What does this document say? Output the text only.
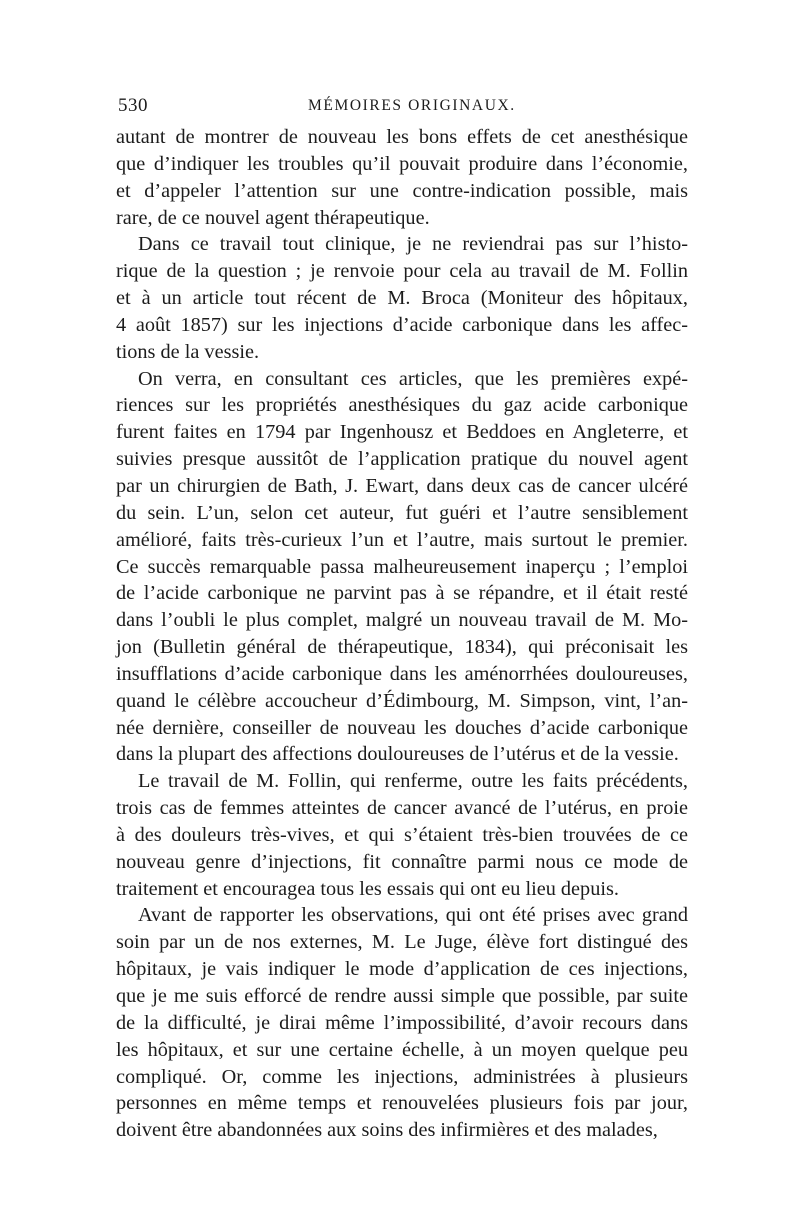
530	MÉMOIRES ORIGINAUX.
autant de montrer de nouveau les bons effets de cet anesthésique
que d’indiquer les troubles qu’il pouvait produire dans l’économie,
et d’appeler l’attention sur une contre-indication possible, mais
rare, de ce nouvel agent thérapeutique.
Dans ce travail tout clinique, je ne reviendrai pas sur l’histo-
rique de la question ; je renvoie pour cela au travail de M. Follin
et à un article tout récent de M. Broca (Moniteur des hôpitaux,
4 août 1857) sur les injections d’acide carbonique dans les affec-
tions de la vessie.
On verra, en consultant ces articles, que les premières expé-
riences sur les propriétés anesthésiques du gaz acide carbonique
furent faites en 1794 par Ingenhousz et Beddoes en Angleterre, et
suivies presque aussitôt de l’application pratique du nouvel agent
par un chirurgien de Bath, J. Ewart, dans deux cas de cancer ulcéré
du sein. L’un, selon cet auteur, fut guéri et l’autre sensiblement
amélioré, faits très-curieux l’un et l’autre, mais surtout le premier.
Ce succès remarquable passa malheureusement inaperçu ; l’emploi
de l’acide carbonique ne parvint pas à se répandre, et il était resté
dans l’oubli le plus complet, malgré un nouveau travail de M. Mo-
jon (Bulletin général de thérapeutique, 1834), qui préconisait les
insufflations d’acide carbonique dans les aménorrhées douloureuses,
quand le célèbre accoucheur d’Édimbourg, M. Simpson, vint, l’an-
née dernière, conseiller de nouveau les douches d’acide carbonique
dans la plupart des affections douloureuses de l’utérus et de la vessie.
Le travail de M. Follin, qui renferme, outre les faits précédents,
trois cas de femmes atteintes de cancer avancé de l’utérus, en proie
à des douleurs très-vives, et qui s’étaient très-bien trouvées de ce
nouveau genre d’injections, fit connaître parmi nous ce mode de
traitement et encouragea tous les essais qui ont eu lieu depuis.
Avant de rapporter les observations, qui ont été prises avec grand
soin par un de nos externes, M. Le Juge, élève fort distingué des
hôpitaux, je vais indiquer le mode d’application de ces injections,
que je me suis efforcé de rendre aussi simple que possible, par suite
de la difficulté, je dirai même l’impossibilité, d’avoir recours dans
les hôpitaux, et sur une certaine échelle, à un moyen quelque peu
compliqué. Or, comme les injections, administrées à plusieurs
personnes en même temps et renouvelées plusieurs fois par jour,
doivent être abandonnées aux soins des infirmières et des malades,
